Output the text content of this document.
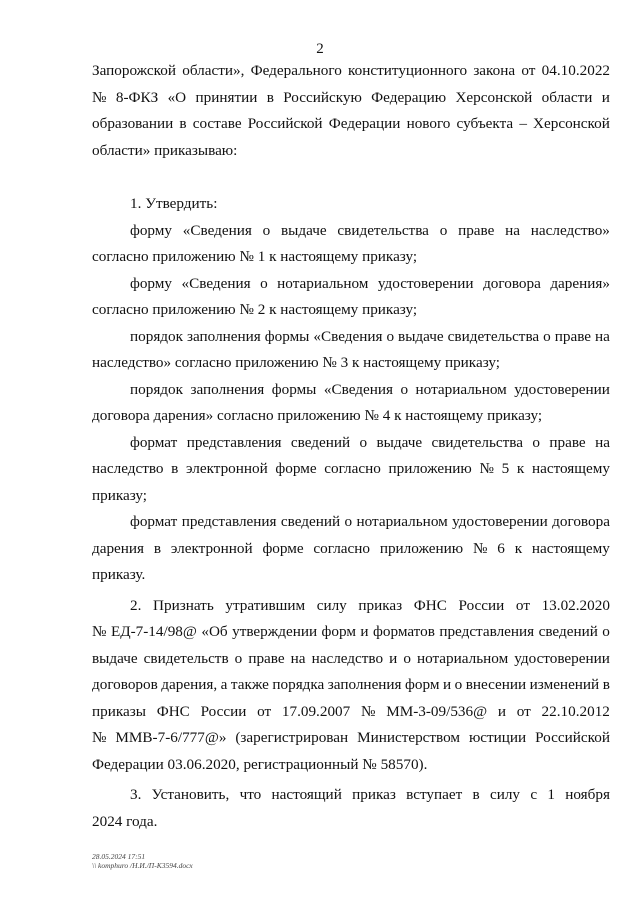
2
Запорожской области», Федерального конституционного закона от 04.10.2022
№ 8-ФКЗ «О принятии в Российскую Федерацию Херсонской области и
образовании в составе Российской Федерации нового субъекта – Херсонской
области» приказываю:
1. Утвердить:
форму «Сведения о выдаче свидетельства о праве на наследство»
согласно приложению № 1 к настоящему приказу;
форму «Сведения о нотариальном удостоверении договора дарения»
согласно приложению № 2 к настоящему приказу;
порядок заполнения формы «Сведения о выдаче свидетельства о праве на
наследство» согласно приложению № 3 к настоящему приказу;
порядок заполнения формы «Сведения о нотариальном удостоверении
договора дарения» согласно приложению № 4 к настоящему приказу;
формат представления сведений о выдаче свидетельства о праве на
наследство в электронной форме согласно приложению № 5 к настоящему
приказу;
формат представления сведений о нотариальном удостоверении договора
дарения в электронной форме согласно приложению № 6 к настоящему
приказу.
2. Признать утратившим силу приказ ФНС России от 13.02.2020
№ ЕД-7-14/98@ «Об утверждении форм и форматов представления сведений о
выдаче свидетельств о праве на наследство и о нотариальном удостоверении
договоров дарения, а также порядка заполнения форм и о внесении изменений в
приказы ФНС России от 17.09.2007 № ММ-3-09/536@ и от 22.10.2012
№ ММВ-7-6/777@» (зарегистрирован Министерством юстиции Российской
Федерации 03.06.2020, регистрационный № 58570).
3. Установить, что настоящий приказ вступает в силу с 1 ноября
2024 года.
28.05.2024 17:51
\\ komphuro /Н.И./П-К3594.docx
